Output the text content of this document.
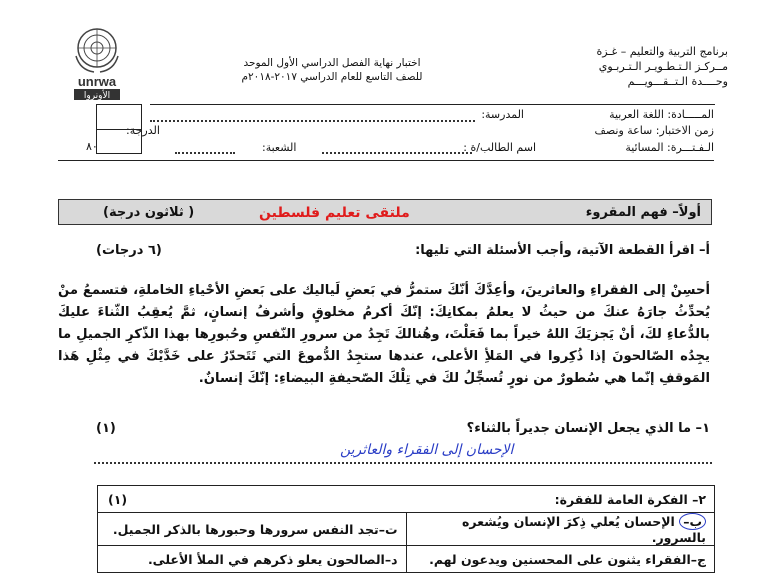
unrwa
الأونروا
برنامج التربية والتعليم – غـزة
مــركـز الـتـطـويـر الـتـربـوي
وحــــدة الـتــقـــويـــم
اختبار نهاية الفصل الدراسي الأول الموحد
للصف التاسع للعام الدراسي ٢٠١٧-٢٠١٨م
المـــــادة: اللغة العربية
زمن الاختبار: ساعة ونصف
الـفـتـــرة: المسائية
المدرسة:
اسم الطالب/ة :
الشعبة:
الدرجة:
٨٠
أولاً– فهم المقروء
ملتقى تعليم فلسطين
( ثلاثون درجة)
أ– اقرأ القطعة الآتية، وأجب الأسئلة التي تليها:
(٦ درجات)
أحسِنْ إلى الفقراءِ والعاثرينَ، وأعِدَّكَ أنّكَ ستمرُّ في بَعضِ لَياليك على بَعضِ الأحْياءِ الخاملةِ، فتسمعُ منْ يُحدِّثُ جارَهُ عنكَ من حيثُ لا يعلمُ بمكانِكَ: إنّكَ أكرمُ مخلوقٍ وأشرفُ إنسانٍ، ثمَّ يُعقِبُ الثّناءَ عليكَ بالدُّعاءِ لكَ، أنْ يَجزيَكَ اللهُ خيراً بما فَعَلْتَ، وهُنالكَ تَجِدُ من سرورِ النّفسِ وحُبورِها بهذا الذّكرِ الجميلِ ما يجِدُه الصّالحونَ إذا ذُكِروا في المَلأِ الأعلى، عندها ستجِدُ الدُّموعَ التي تَتَحدّرُ على خَدَّيْكَ في مِثْلِ هَذا المَوقفِ إنّما هي سُطورٌ من نورٍ تُسجِّلُ لكَ في تِلْكَ الصّحيفةِ البيضاءِ: إنّكَ إنسانٌ.
١– ما الذي يجعل الإنسان جديراً بالثناء؟
(١)
الإحسان إلى الفقراء والعاثرين
٢– الفكرة العامة للفقرة:
(١)	

ب– الإحسان يُعلي ذِكرَ الإنسان ويُشعره بالسرور.	ت–تجد النفس سرورها وحبورها بالذكر الجميل.
ج–الفقراء يثنون على المحسنين ويدعون لهم.	د–الصالحون يعلو ذكرهم في الملأ الأعلى.
